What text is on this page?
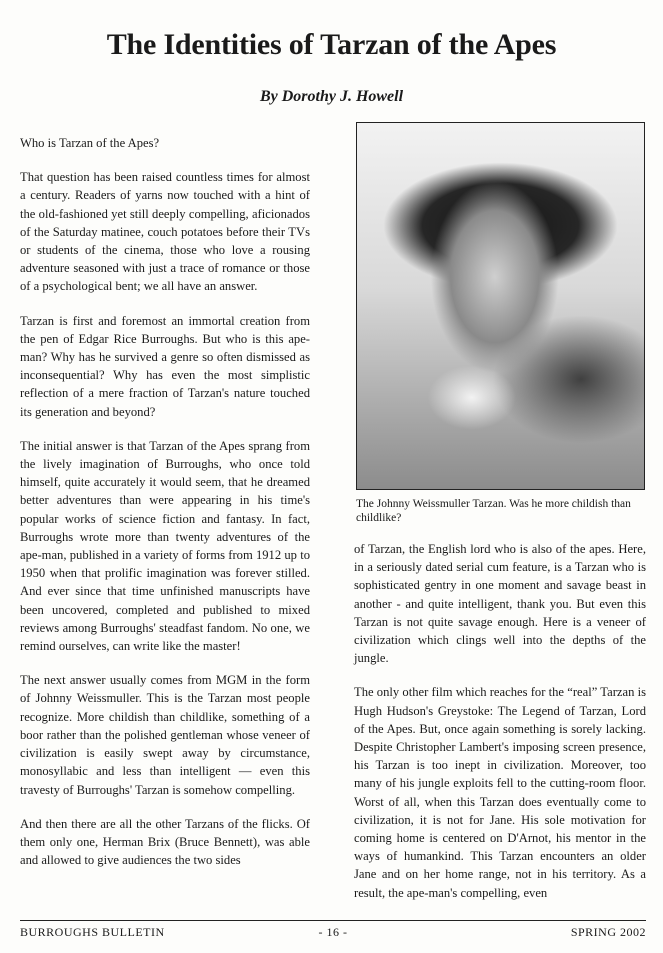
The Identities of Tarzan of the Apes
By Dorothy J. Howell

Who is Tarzan of the Apes?

That question has been raised countless times for almost a century. Readers of yarns now touched with a hint of the old-fashioned yet still deeply compelling, aficionados of the Saturday matinee, couch potatoes before their TVs or students of the cinema, those who love a rousing adventure seasoned with just a trace of romance or those of a psychological bent; we all have an answer.

Tarzan is first and foremost an immortal creation from the pen of Edgar Rice Burroughs. But who is this ape-man? Why has he survived a genre so often dismissed as inconsequential? Why has even the most simplistic reflection of a mere fraction of Tarzan's nature touched its generation and beyond?

The initial answer is that Tarzan of the Apes sprang from the lively imagination of Burroughs, who once told himself, quite accurately it would seem, that he dreamed better adventures than were appearing in his time's popular works of science fiction and fantasy. In fact, Burroughs wrote more than twenty adventures of the ape-man, published in a variety of forms from 1912 up to 1950 when that prolific imagination was forever stilled. And ever since that time unfinished manuscripts have been uncovered, completed and published to mixed reviews among Burroughs' steadfast fandom. No one, we remind ourselves, can write like the master!

The next answer usually comes from MGM in the form of Johnny Weissmuller. This is the Tarzan most people recognize. More childish than childlike, something of a boor rather than the polished gentleman whose veneer of civilization is easily swept away by circumstance, monosyllabic and less than intelligent — even this travesty of Burroughs' Tarzan is somehow compelling.

And then there are all the other Tarzans of the flicks. Of them only one, Herman Brix (Bruce Bennett), was able and allowed to give audiences the two sides

The Johnny Weissmuller Tarzan. Was he more childish than childlike?

of Tarzan, the English lord who is also of the apes. Here, in a seriously dated serial cum feature, is a Tarzan who is sophisticated gentry in one moment and savage beast in another - and quite intelligent, thank you. But even this Tarzan is not quite savage enough. Here is a veneer of civilization which clings well into the depths of the jungle.

The only other film which reaches for the “real” Tarzan is Hugh Hudson's Greystoke: The Legend of Tarzan, Lord of the Apes. But, once again something is sorely lacking. Despite Christopher Lambert's imposing screen presence, his Tarzan is too inept in civilization. Moreover, too many of his jungle exploits fell to the cutting-room floor. Worst of all, when this Tarzan does eventually come to civilization, it is not for Jane. His sole motivation for coming home is centered on D'Arnot, his mentor in the ways of humankind. This Tarzan encounters an older Jane and on her home range, not in his territory. As a result, the ape-man's compelling, even

BURROUGHS BULLETIN	- 16 -	SPRING 2002
